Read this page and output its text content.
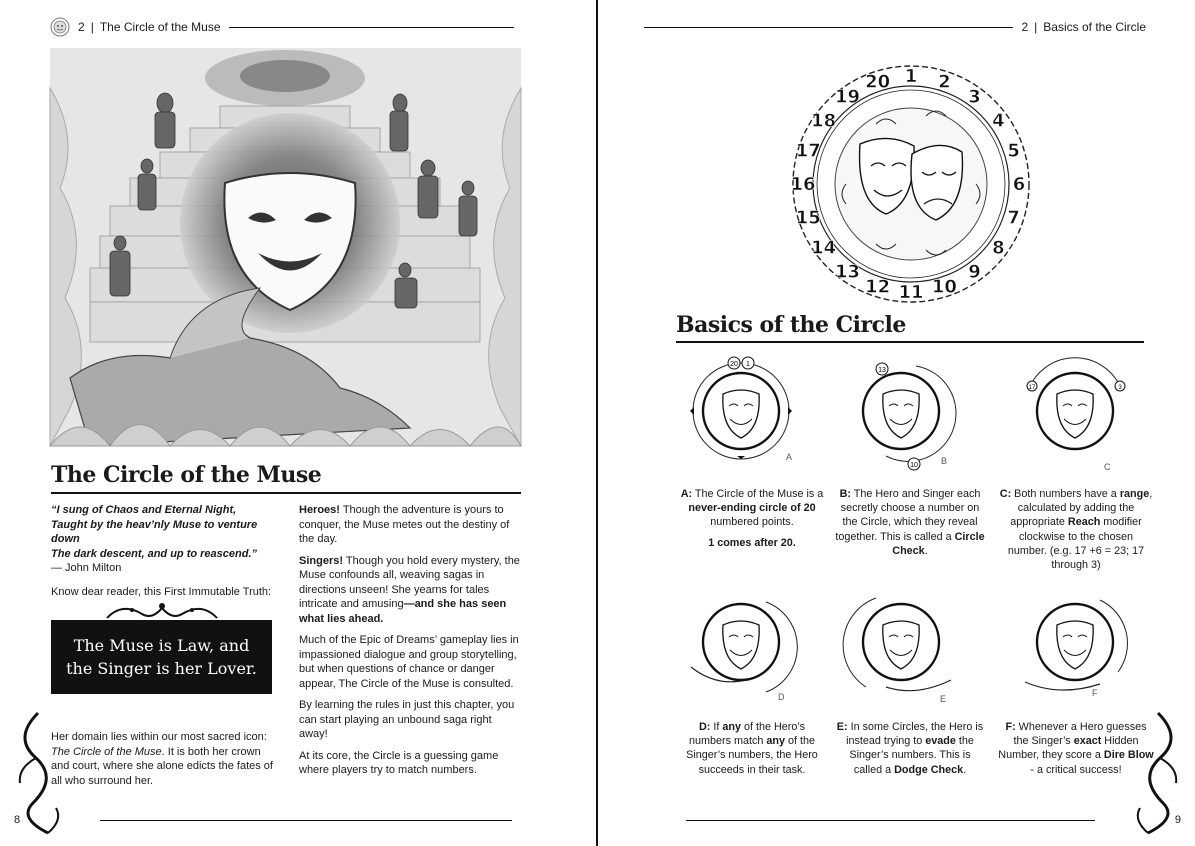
2 | The Circle of the Muse
The Circle of the Muse
“I sung of Chaos and Eternal Night,
Taught by the heav’nly Muse to venture down
The dark descent, and up to reascend.”
— John Milton

Know dear reader, this First Immutable Truth:

The Muse is Law, and
the Singer is her Lover.
Her domain lies within our most sacred icon: The Circle of the Muse. It is both her crown and court, where she alone edicts the fates of all who surround her.

Heroes! Though the adventure is yours to conquer, the Muse metes out the destiny of the day.

Singers! Though you hold every mystery, the Muse confounds all, weaving sagas in directions unseen! She yearns for tales intricate and amusing—and she has seen what lies ahead.

Much of the Epic of Dreams’ gameplay lies in impassioned dialogue and group storytelling, but when questions of chance or danger appear, The Circle of the Muse is consulted.

By learning the rules in just this chapter, you can start playing an unbound saga right away!

At its core, the Circle is a guessing game where players try to match numbers.

8
2 | Basics of the Circle
1 2
3
4
5
6
7
8
9
10
11
12
13
14
15
16
17
18
19
20
Basics of the Circle
20 1
A
13
10	B
17	3
C

A: The Circle of the Muse is a never-ending circle of 20 numbered points.

1 comes after 20.

B: The Hero and Singer each secretly choose a number on the Circle, which they reveal together. This is called a Circle Check.

C: Both numbers have a range, calculated by adding the appropriate Reach modifier clockwise to the chosen number. (e.g. 17 +6 = 23; 17 through 3)

D	E
F

D: If any of the Hero’s numbers match any of the Singer’s numbers, the Hero succeeds in their task.

E: In some Circles, the Hero is instead trying to evade the Singer’s numbers. This is called a Dodge Check.

F: Whenever a Hero guesses the Singer’s exact Hidden Number, they score a Dire Blow - a critical success!

9
